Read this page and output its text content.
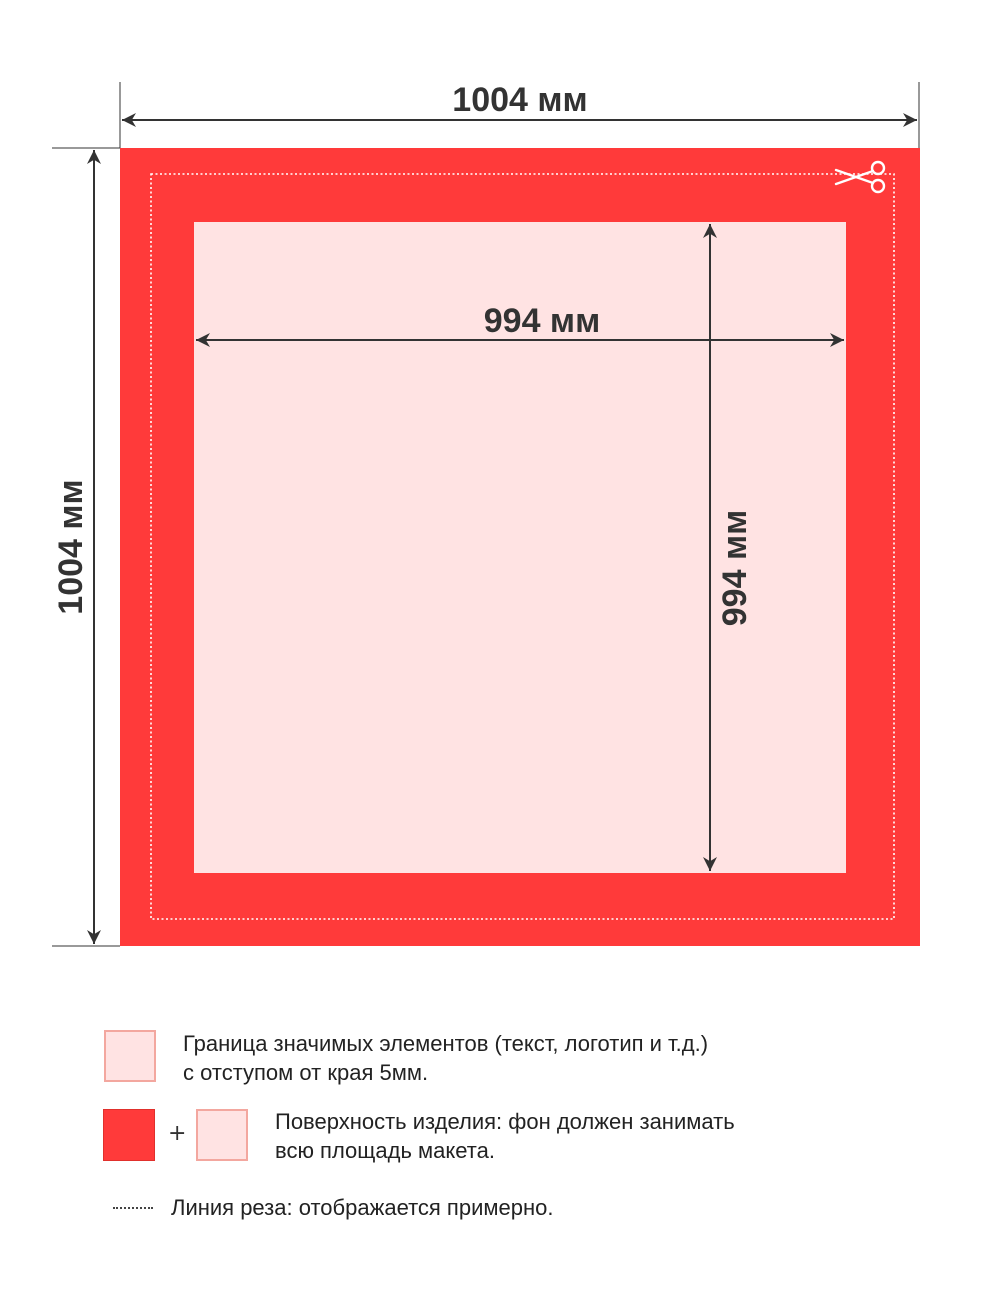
1004 мм
1004 мм
994 мм
994 мм
Граница значимых элементов (текст, логотип и т.д.)
с отступом от края 5мм.
+	Поверхность изделия: фон должен занимать
всю площадь макета.
Линия реза: отображается примерно.
